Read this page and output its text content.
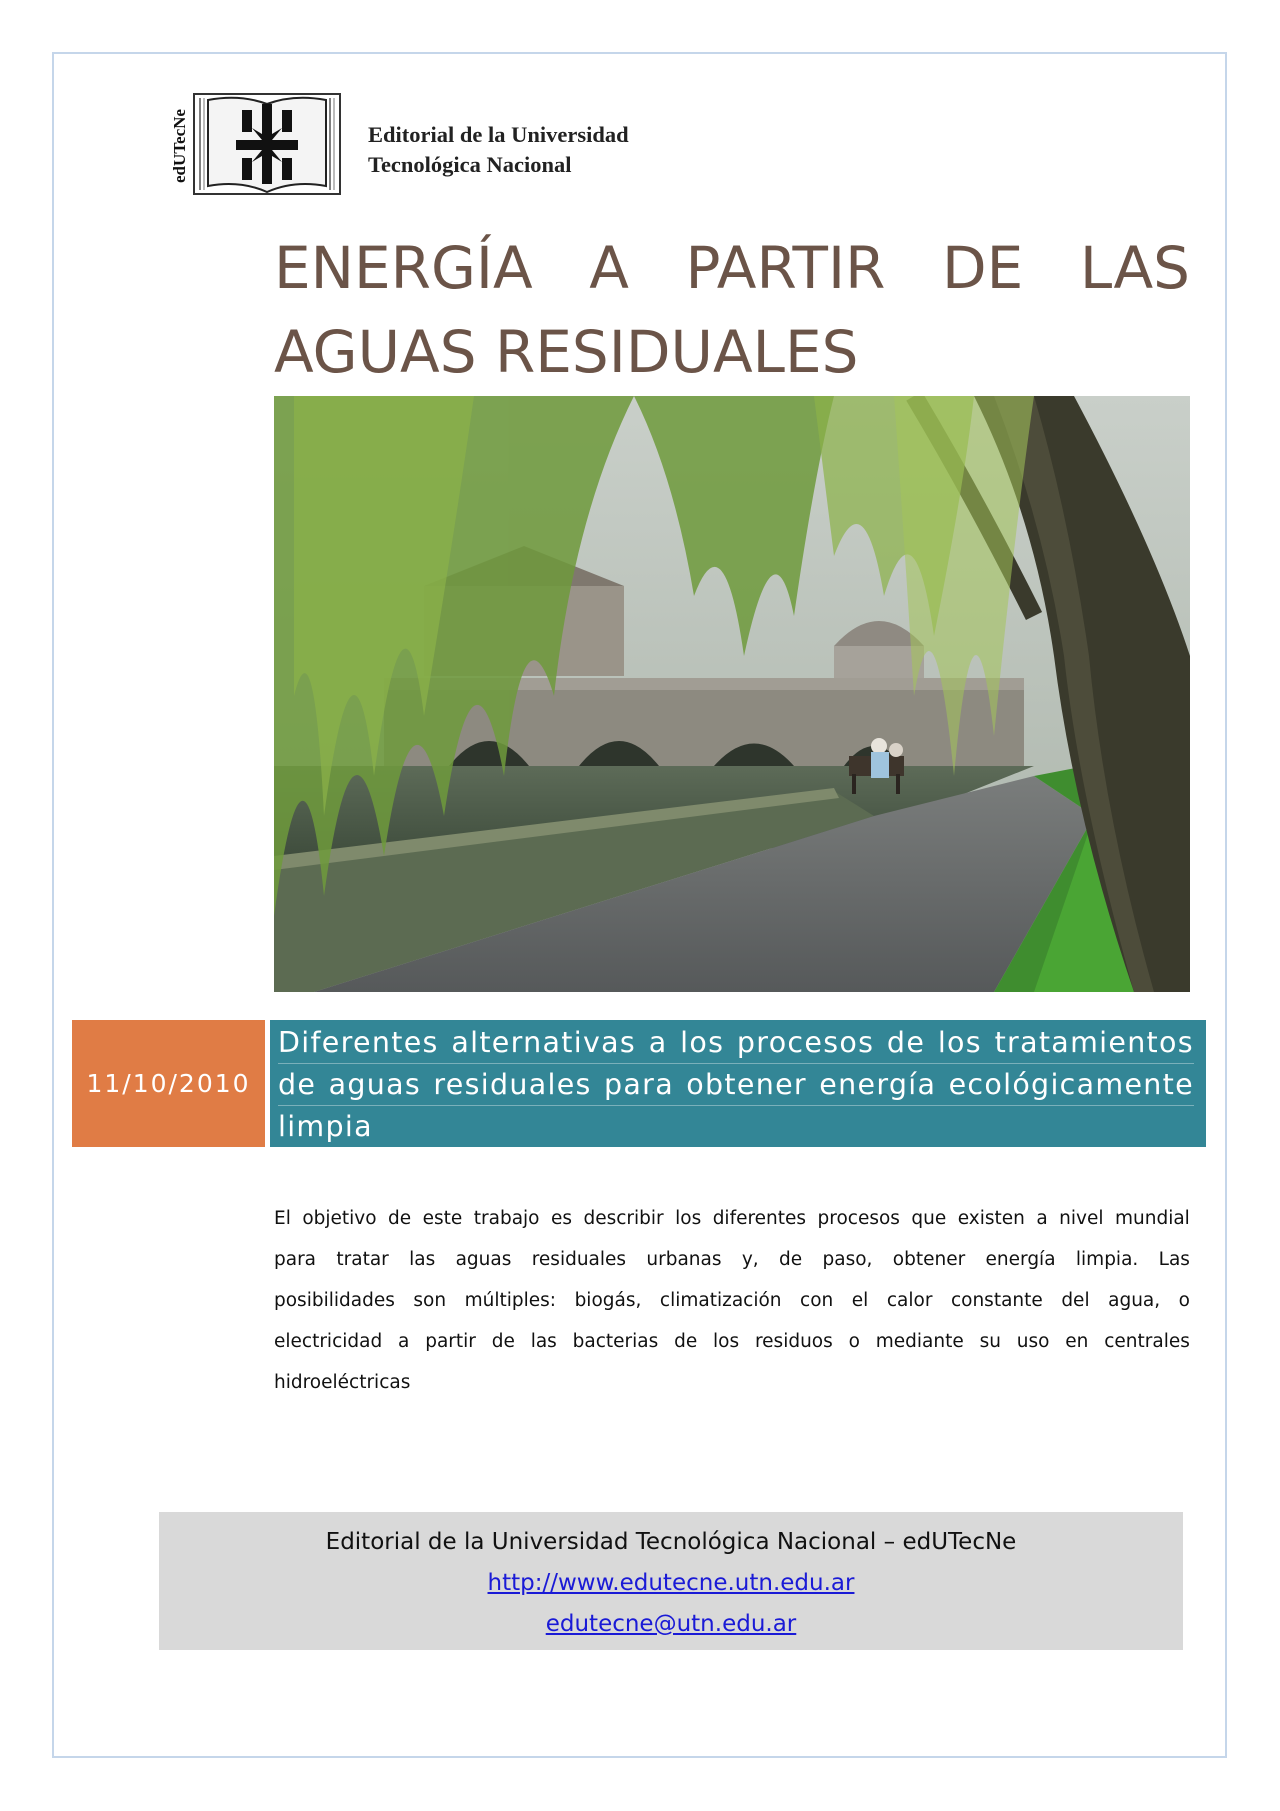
edUTecNe	Editorial de la Universidad
Tecnológica Nacional
ENERGÍA A PARTIR DE LAS
AGUAS RESIDUALES
11/10/2010
Diferentes alternativas a los procesos de los tratamientos
de aguas residuales para obtener energía ecológicamente
limpia
El objetivo de este trabajo es describir los diferentes procesos que existen a nivel mundial
para tratar las aguas residuales urbanas y, de paso, obtener energía limpia. Las
posibilidades son múltiples: biogás, climatización con el calor constante del agua, o
electricidad a partir de las bacterias de los residuos o mediante su uso en centrales
hidroeléctricas
Editorial de la Universidad Tecnológica Nacional – edUTecNe
http://www.edutecne.utn.edu.ar
edutecne@utn.edu.ar
